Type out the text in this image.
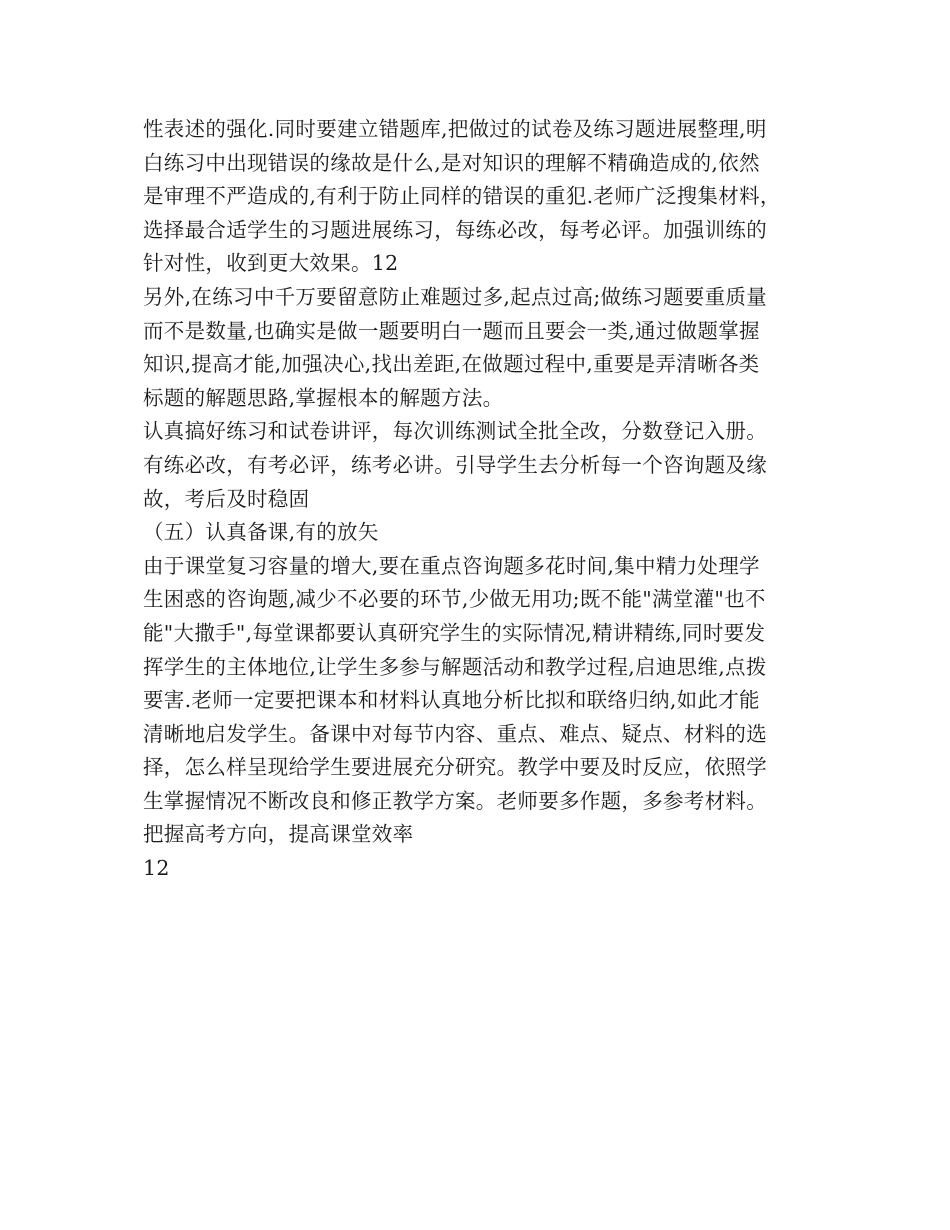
性表述的强化.同时要建立错题库,把做过的试卷及练习题进展整理,明
白练习中出现错误的缘故是什么,是对知识的理解不精确造成的,依然
是审理不严造成的,有利于防止同样的错误的重犯.老师广泛搜集材料，
选择最合适学生的习题进展练习，每练必改，每考必评。加强训练的
针对性，收到更大效果。12
另外,在练习中千万要留意防止难题过多,起点过高;做练习题要重质量
而不是数量,也确实是做一题要明白一题而且要会一类,通过做题掌握
知识,提高才能,加强决心,找出差距,在做题过程中,重要是弄清晰各类
标题的解题思路,掌握根本的解题方法。
认真搞好练习和试卷讲评，每次训练测试全批全改，分数登记入册。
有练必改，有考必评，练考必讲。引导学生去分析每一个咨询题及缘
故，考后及时稳固
（五）认真备课,有的放矢
由于课堂复习容量的增大,要在重点咨询题多花时间,集中精力处理学
生困惑的咨询题,减少不必要的环节,少做无用功;既不能"满堂灌"也不
能"大撒手",每堂课都要认真研究学生的实际情况,精讲精练,同时要发
挥学生的主体地位,让学生多参与解题活动和教学过程,启迪思维,点拨
要害.老师一定要把课本和材料认真地分析比拟和联络归纳,如此才能
清晰地启发学生。备课中对每节内容、重点、难点、疑点、材料的选
择，怎么样呈现给学生要进展充分研究。教学中要及时反应，依照学
生掌握情况不断改良和修正教学方案。老师要多作题，多参考材料。
把握高考方向，提高课堂效率
12
